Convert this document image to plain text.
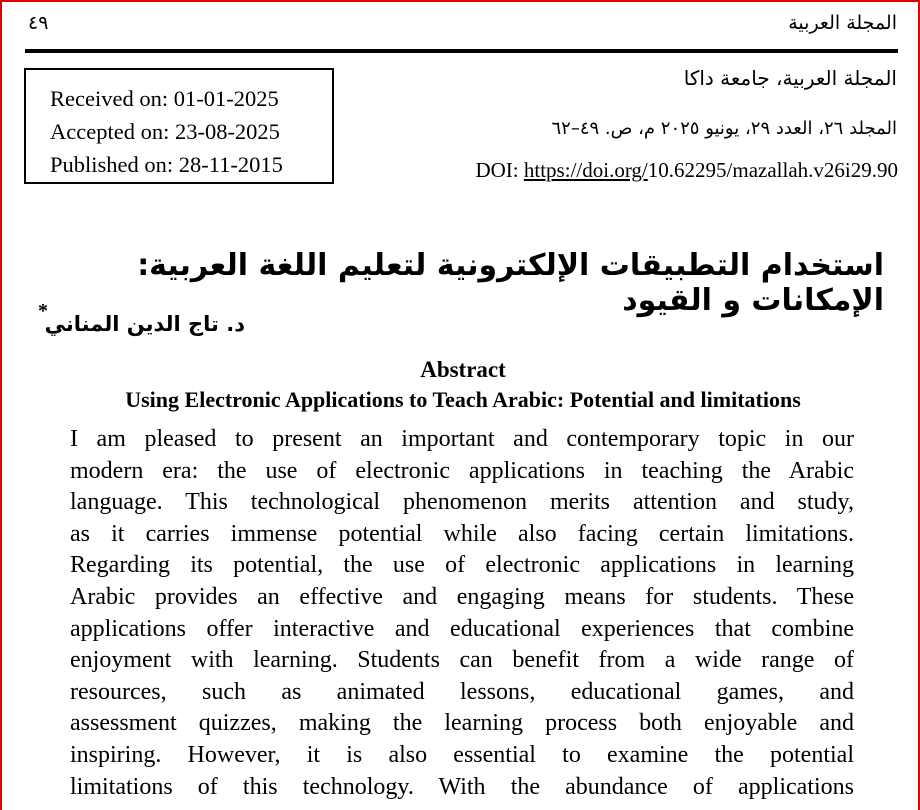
المجلة العربية
٤٩
Received on: 01-01-2025
Accepted on: 23-08-2025
Published on: 28-11-2015
المجلة العربية، جامعة داكا
المجلد ٢٦، العدد ٢٩، يونيو ٢٠٢٥ م، ص. ٤٩–٦٢
DOI: https://doi.org/10.62295/mazallah.v26i29.90
استخدام التطبيقات الإلكترونية لتعليم اللغة العربية: الإمكانات و القيود
*
د. تاج الدين المناني
Abstract
Using Electronic Applications to Teach Arabic: Potential and limitations
I am pleased to present an important and contemporary topic in our
modern era: the use of electronic applications in teaching the Arabic
language. This technological phenomenon merits attention and study,
as it carries immense potential while also facing certain limitations.
Regarding its potential, the use of electronic applications in learning
Arabic provides an effective and engaging means for students. These
applications offer interactive and educational experiences that combine
enjoyment with learning. Students can benefit from a wide range of
resources, such as animated lessons, educational games, and
assessment quizzes, making the learning process both enjoyable and
inspiring. However, it is also essential to examine the potential
limitations of this technology. With the abundance of applications
